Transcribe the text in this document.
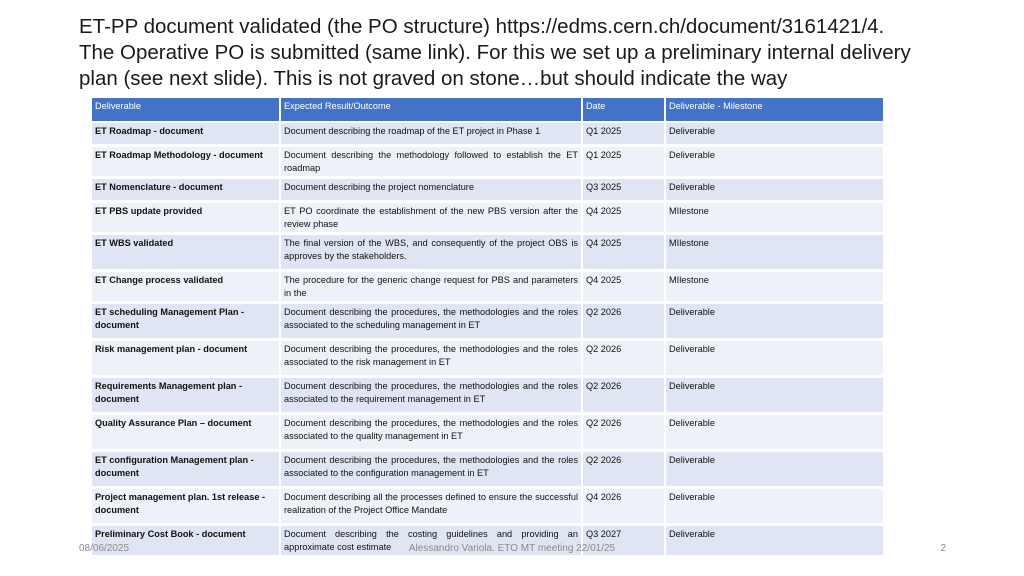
ET-PP document validated (the PO structure) https://edms.cern.ch/document/3161421/4.
The Operative PO is submitted (same link). For this we set up a preliminary internal delivery
plan (see next slide). This is not graved on stone…but should indicate the way
Deliverable	Expected Result/Outcome	Date	Deliverable - Milestone
ET Roadmap - document	Document describing the roadmap of the ET project in Phase 1	Q1 2025	Deliverable
ET Roadmap Methodology - document	Document describing the methodology followed to establish the ET roadmap	Q1 2025	Deliverable
ET Nomenclature - document	Document describing the project nomenclature	Q3 2025	Deliverable
ET PBS update provided	ET PO coordinate the establishment of the new PBS version after the review phase	Q4 2025	MIlestone
ET WBS validated	The final version of the WBS, and consequently of the project OBS is approves by the stakeholders.	Q4 2025	MIlestone
ET Change process validated	The procedure for the generic change request for PBS and parameters in the	Q4 2025	MIlestone
ET scheduling Management Plan - document	Document describing the procedures, the methodologies and the roles associated to the scheduling management in ET	Q2 2026	Deliverable
Risk management plan - document	Document describing the procedures, the methodologies and the roles associated to the risk management in ET	Q2 2026	Deliverable
Requirements Management plan - document	Document describing the procedures, the methodologies and the roles associated to the requirement management in ET	Q2 2026	Deliverable
Quality Assurance Plan – document	Document describing the procedures, the methodologies and the roles associated to the quality management in ET	Q2 2026	Deliverable
ET configuration Management plan - document	Document describing the procedures, the methodologies and the roles associated to the configuration management in ET	Q2 2026	Deliverable
Project management plan. 1st release - document	Document describing all the processes defined to ensure the successful realization of the Project Office Mandate	Q4 2026	Deliverable
Preliminary Cost Book - document	Document describing the costing guidelines and providing an approximate cost estimate	Q3 2027	Deliverable
08/06/2025	Alessandro Variola. ETO MT meeting 22/01/25	2
